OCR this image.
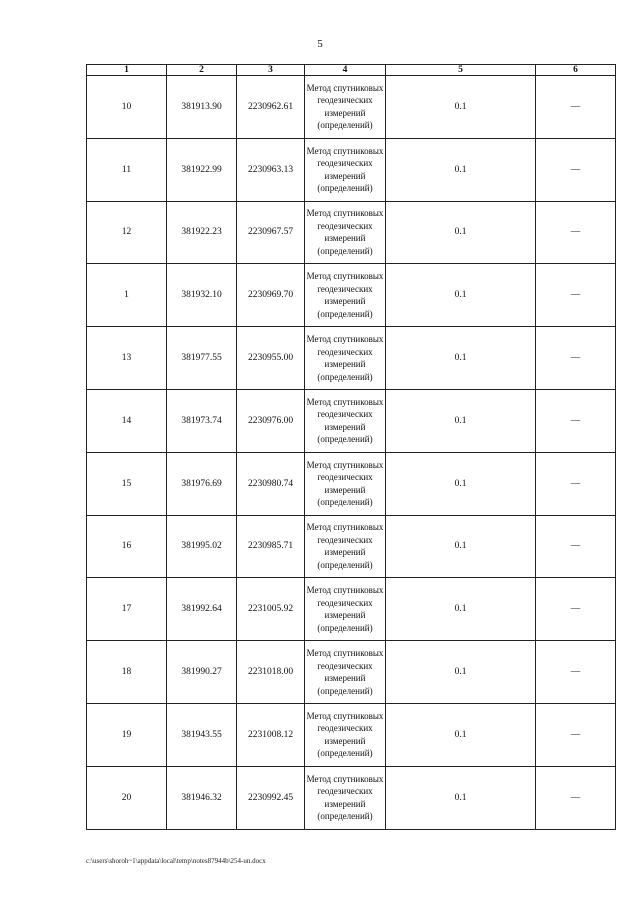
5
1	2	3	4	5	6
10	381913.90	2230962.61	Метод спутниковых геодезических измерений (определений)	0.1	—
11	381922.99	2230963.13	Метод спутниковых геодезических измерений (определений)	0.1	—
12	381922.23	2230967.57	Метод спутниковых геодезических измерений (определений)	0.1	—
1	381932.10	2230969.70	Метод спутниковых геодезических измерений (определений)	0.1	—
13	381977.55	2230955.00	Метод спутниковых геодезических измерений (определений)	0.1	—
14	381973.74	2230976.00	Метод спутниковых геодезических измерений (определений)	0.1	—
15	381976.69	2230980.74	Метод спутниковых геодезических измерений (определений)	0.1	—
16	381995.02	2230985.71	Метод спутниковых геодезических измерений (определений)	0.1	—
17	381992.64	2231005.92	Метод спутниковых геодезических измерений (определений)	0.1	—
18	381990.27	2231018.00	Метод спутниковых геодезических измерений (определений)	0.1	—
19	381943.55	2231008.12	Метод спутниковых геодезических измерений (определений)	0.1	—
20	381946.32	2230992.45	Метод спутниковых геодезических измерений (определений)	0.1	—
c:\users\shoroh~1\appdata\local\temp\notes87944b\254-un.docx
